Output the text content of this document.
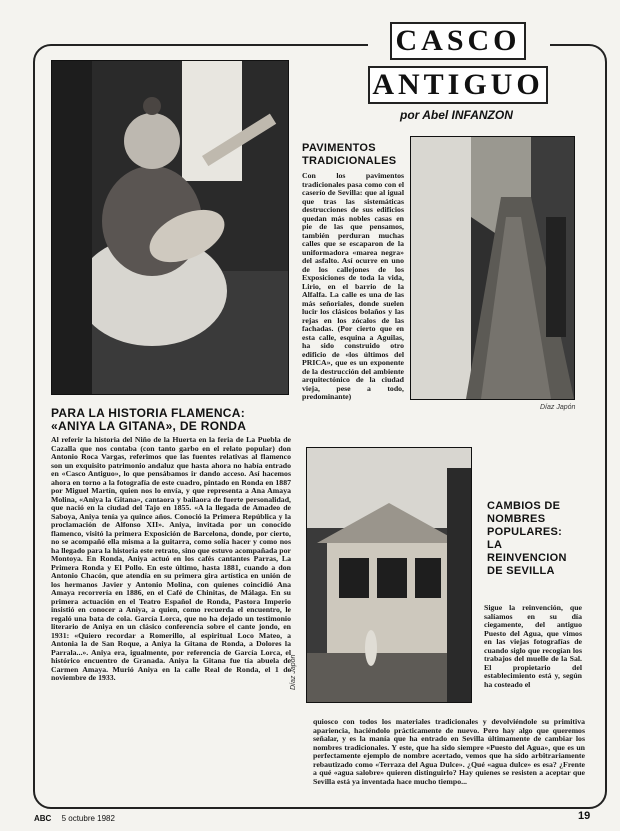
CASCO
ANTIGUO
por Abel INFANZON
Díaz Japón
Díaz Japón
PAVIMENTOS TRADICIONALES
Con los pavimentos tradicionales pasa como con el caserío de Sevilla: que al igual que tras las sistemáticas destrucciones de sus edificios quedan más nobles casas en pie de las que pensamos, también perduran muchas calles que se escaparon de la uniformadora «marea negra» del asfalto. Así ocurre en uno de los callejones de los Exposiciones de toda la vida, Lirio, en el barrio de la Alfalfa. La calle es una de las más señoriales, donde suelen lucir los clásicos bolaños y las rejas en los zócalos de las fachadas. (Por cierto que en esta calle, esquina a Aguilas, ha sido construido otro edificio de «los últimos del PRICA», que es un exponente de la destrucción del ambiente arquitectónico de la ciudad vieja, pese a todo, predominante)
PARA LA HISTORIA FLAMENCA: «ANIYA LA GITANA», DE RONDA
Al referir la historia del Niño de la Huerta en la feria de La Puebla de Cazalla que nos contaba (con tanto garbo en el relato popular) don Antonio Roca Vargas, referimos que las fuentes relativas al flamenco son un exquisito patrimonio andaluz que hasta ahora no había entrado en «Casco Antiguo», lo que pensábamos ir dando acceso. Así hacemos ahora en torno a la fotografía de este cuadro, pintado en Ronda en 1887 por Miguel Martín, quien nos lo envía, y que representa a Ana Amaya Molina, «Aniya la Gitana», cantaora y bailaora de fuerte personalidad, que nació en la ciudad del Tajo en 1855. «A la llegada de Amadeo de Saboya, Aniya tenía ya quince años. Conoció la Primera República y la proclamación de Alfonso XII». Aniya, invitada por un conocido flamenco, visitó la primera Exposición de Barcelona, donde, por cierto, no se acompañó ella misma a la guitarra, como solía hacer y como nos ha llegado para la historia este retrato, sino que estuvo acompañada por Montoya. En Ronda, Aniya actuó en los cafés cantantes Parras, La Primera Ronda y El Pollo. En este último, hasta 1881, cuando a don Antonio Chacón, que atendía en su primera gira artística en unión de los hermanos Javier y Antonio Molina, con quienes coincidió Ana Amaya recorrería en 1886, en el Café de Chinitas, de Málaga. En su primera actuación en el Teatro Español de Ronda, Pastora Imperio insistió en conocer a Aniya, a quien, como recuerda el encuentro, le regaló una bata de cola. García Lorca, que no ha dejado un testimonio literario de Aniya en un clásico conferencia sobre el cante jondo, en 1931: «Quiero recordar a Romerillo, al espiritual Loco Mateo, a Antonia la de San Roque, a Aniya la Gitana de Ronda, a Dolores la Parrala...». Aniya era, igualmente, por referencia de García Lorca, el histórico encuentro de Granada. Aniya la Gitana fue tía abuela de Carmen Amaya. Murió Aniya en la calle Real de Ronda, el 1 de noviembre de 1933.
CAMBIOS DE NOMBRES POPULARES: LA REINVENCION DE SEVILLA
Sigue la reinvención, que salíamos en su día ciegamente, del antiguo Puesto del Agua, que vimos en las viejas fotografías de cuando siglo que recogían los trabajos del muelle de la Sal. El propietario del establecimiento está y, según ha costeado el
quiosco con todos los materiales tradicionales y devolviéndole su primitiva apariencia, haciéndolo prácticamente de nuevo. Pero hay algo que queremos señalar, y es la manía que ha entrado en Sevilla últimamente de cambiar los nombres tradicionales. Y este, que ha sido siempre «Puesto del Agua», que es un perfectamente ejemplo de nombre acertado, vemos que ha sido arbitrariamente rebautizado como «Terraza del Agua Dulce». ¿Qué «agua dulce» es esa? ¿Frente a qué «agua salobre» quieren distinguirlo? Hay quienes se resisten a aceptar que Sevilla está ya inventada hace mucho tiempo...
ABC 5 octubre 1982	19
